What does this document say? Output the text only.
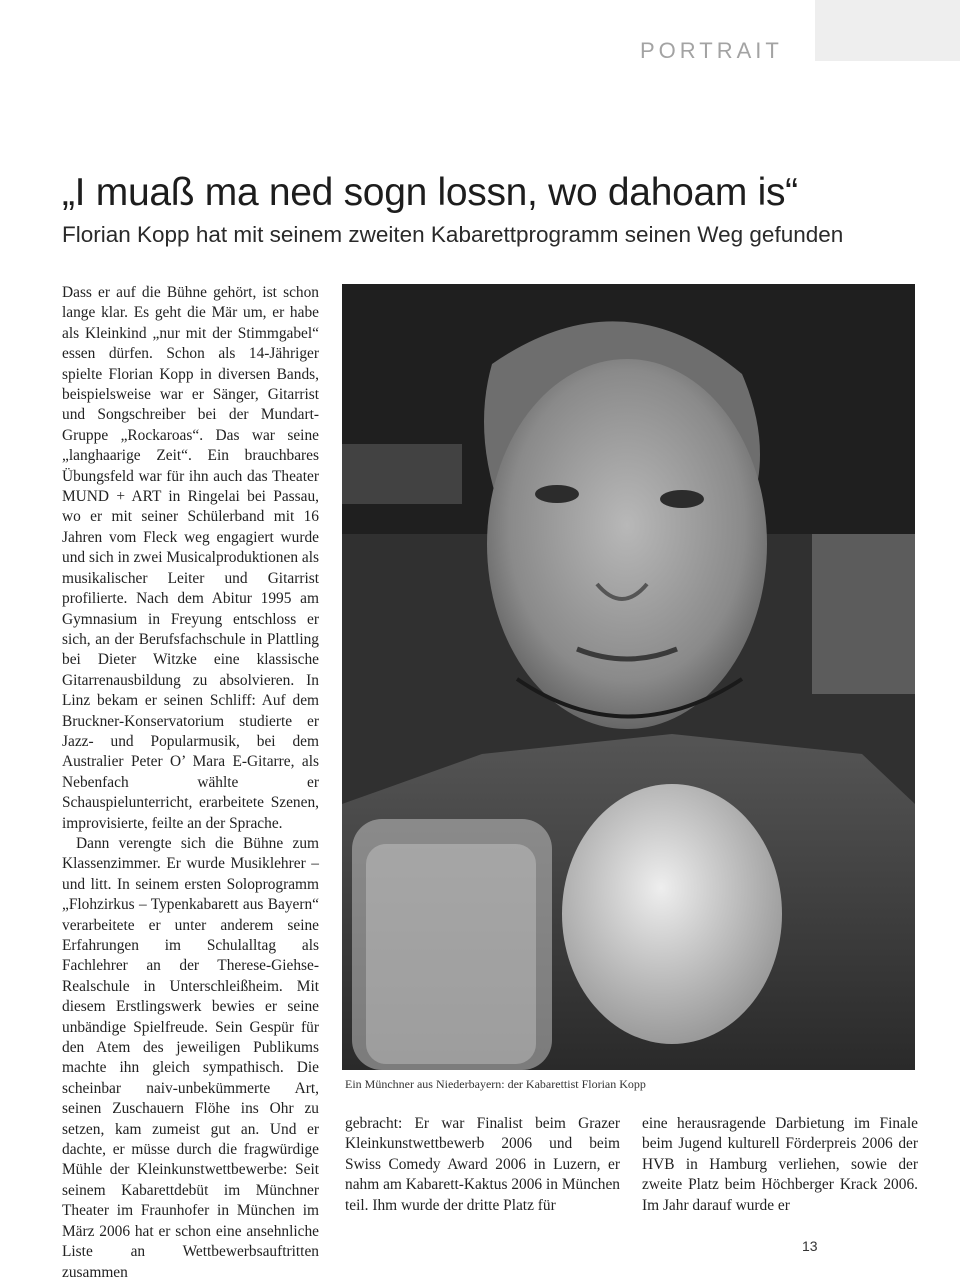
PORTRAIT
„I muaß ma ned sogn lossn, wo dahoam is“
Florian Kopp hat mit seinem zweiten Kabarettprogramm seinen Weg gefunden

Dass er auf die Bühne gehört, ist schon lange klar. Es geht die Mär um, er habe als Kleinkind „nur mit der Stimmgabel“ essen dürfen. Schon als 14-Jähriger spielte Florian Kopp in diversen Bands, beispielsweise war er Sänger, Gitarrist und Songschreiber bei der Mundart-Gruppe „Rockaroas“. Das war seine „langhaarige Zeit“. Ein brauchbares Übungsfeld war für ihn auch das Theater MUND + ART in Ringelai bei Passau, wo er mit seiner Schülerband mit 16 Jahren vom Fleck weg engagiert wurde und sich in zwei Musicalproduktionen als musikalischer Leiter und Gitarrist profilierte. Nach dem Abitur 1995 am Gymnasium in Freyung entschloss er sich, an der Berufsfachschule in Plattling bei Dieter Witzke eine klassische Gitarrenausbildung zu absolvieren. In Linz bekam er seinen Schliff: Auf dem Bruckner-Konservatorium studierte er Jazz- und Popularmusik, bei dem Australier Peter O’ Mara E-Gitarre, als Nebenfach wählte er Schauspielunterricht, erarbeitete Szenen, improvisierte, feilte an der Sprache.

Dann verengte sich die Bühne zum Klassenzimmer. Er wurde Musiklehrer – und litt. In seinem ersten Soloprogramm „Flohzirkus – Typenkabarett aus Bayern“ verarbeitete er unter anderem seine Erfahrungen im Schulalltag als Fachlehrer an der Therese-Giehse-Realschule in Unterschleißheim. Mit diesem Erstlingswerk bewies er seine unbändige Spielfreude. Sein Gespür für den Atem des jeweiligen Publikums machte ihn gleich sympathisch. Die scheinbar naiv-unbekümmerte Art, seinen Zuschauern Flöhe ins Ohr zu setzen, kam zumeist gut an. Und er dachte, er müsse durch die fragwürdige Mühle der Kleinkunstwettbewerbe: Seit seinem Kabarettdebüt im Münchner Theater im Fraunhofer in München im März 2006 hat er schon eine ansehnliche Liste an Wettbewerbsauftritten zusammen

Ein Münchner aus Niederbayern: der Kabarettist Florian Kopp

gebracht: Er war Finalist beim Grazer Kleinkunstwettbewerb 2006 und beim Swiss Comedy Award 2006 in Luzern, er nahm am Kabarett-Kaktus 2006 in München teil. Ihm wurde der dritte Platz für

eine herausragende Darbietung im Finale beim Jugend kulturell Förderpreis 2006 der HVB in Hamburg verliehen, sowie der zweite Platz beim Höchberger Krack 2006. Im Jahr darauf wurde er

13
